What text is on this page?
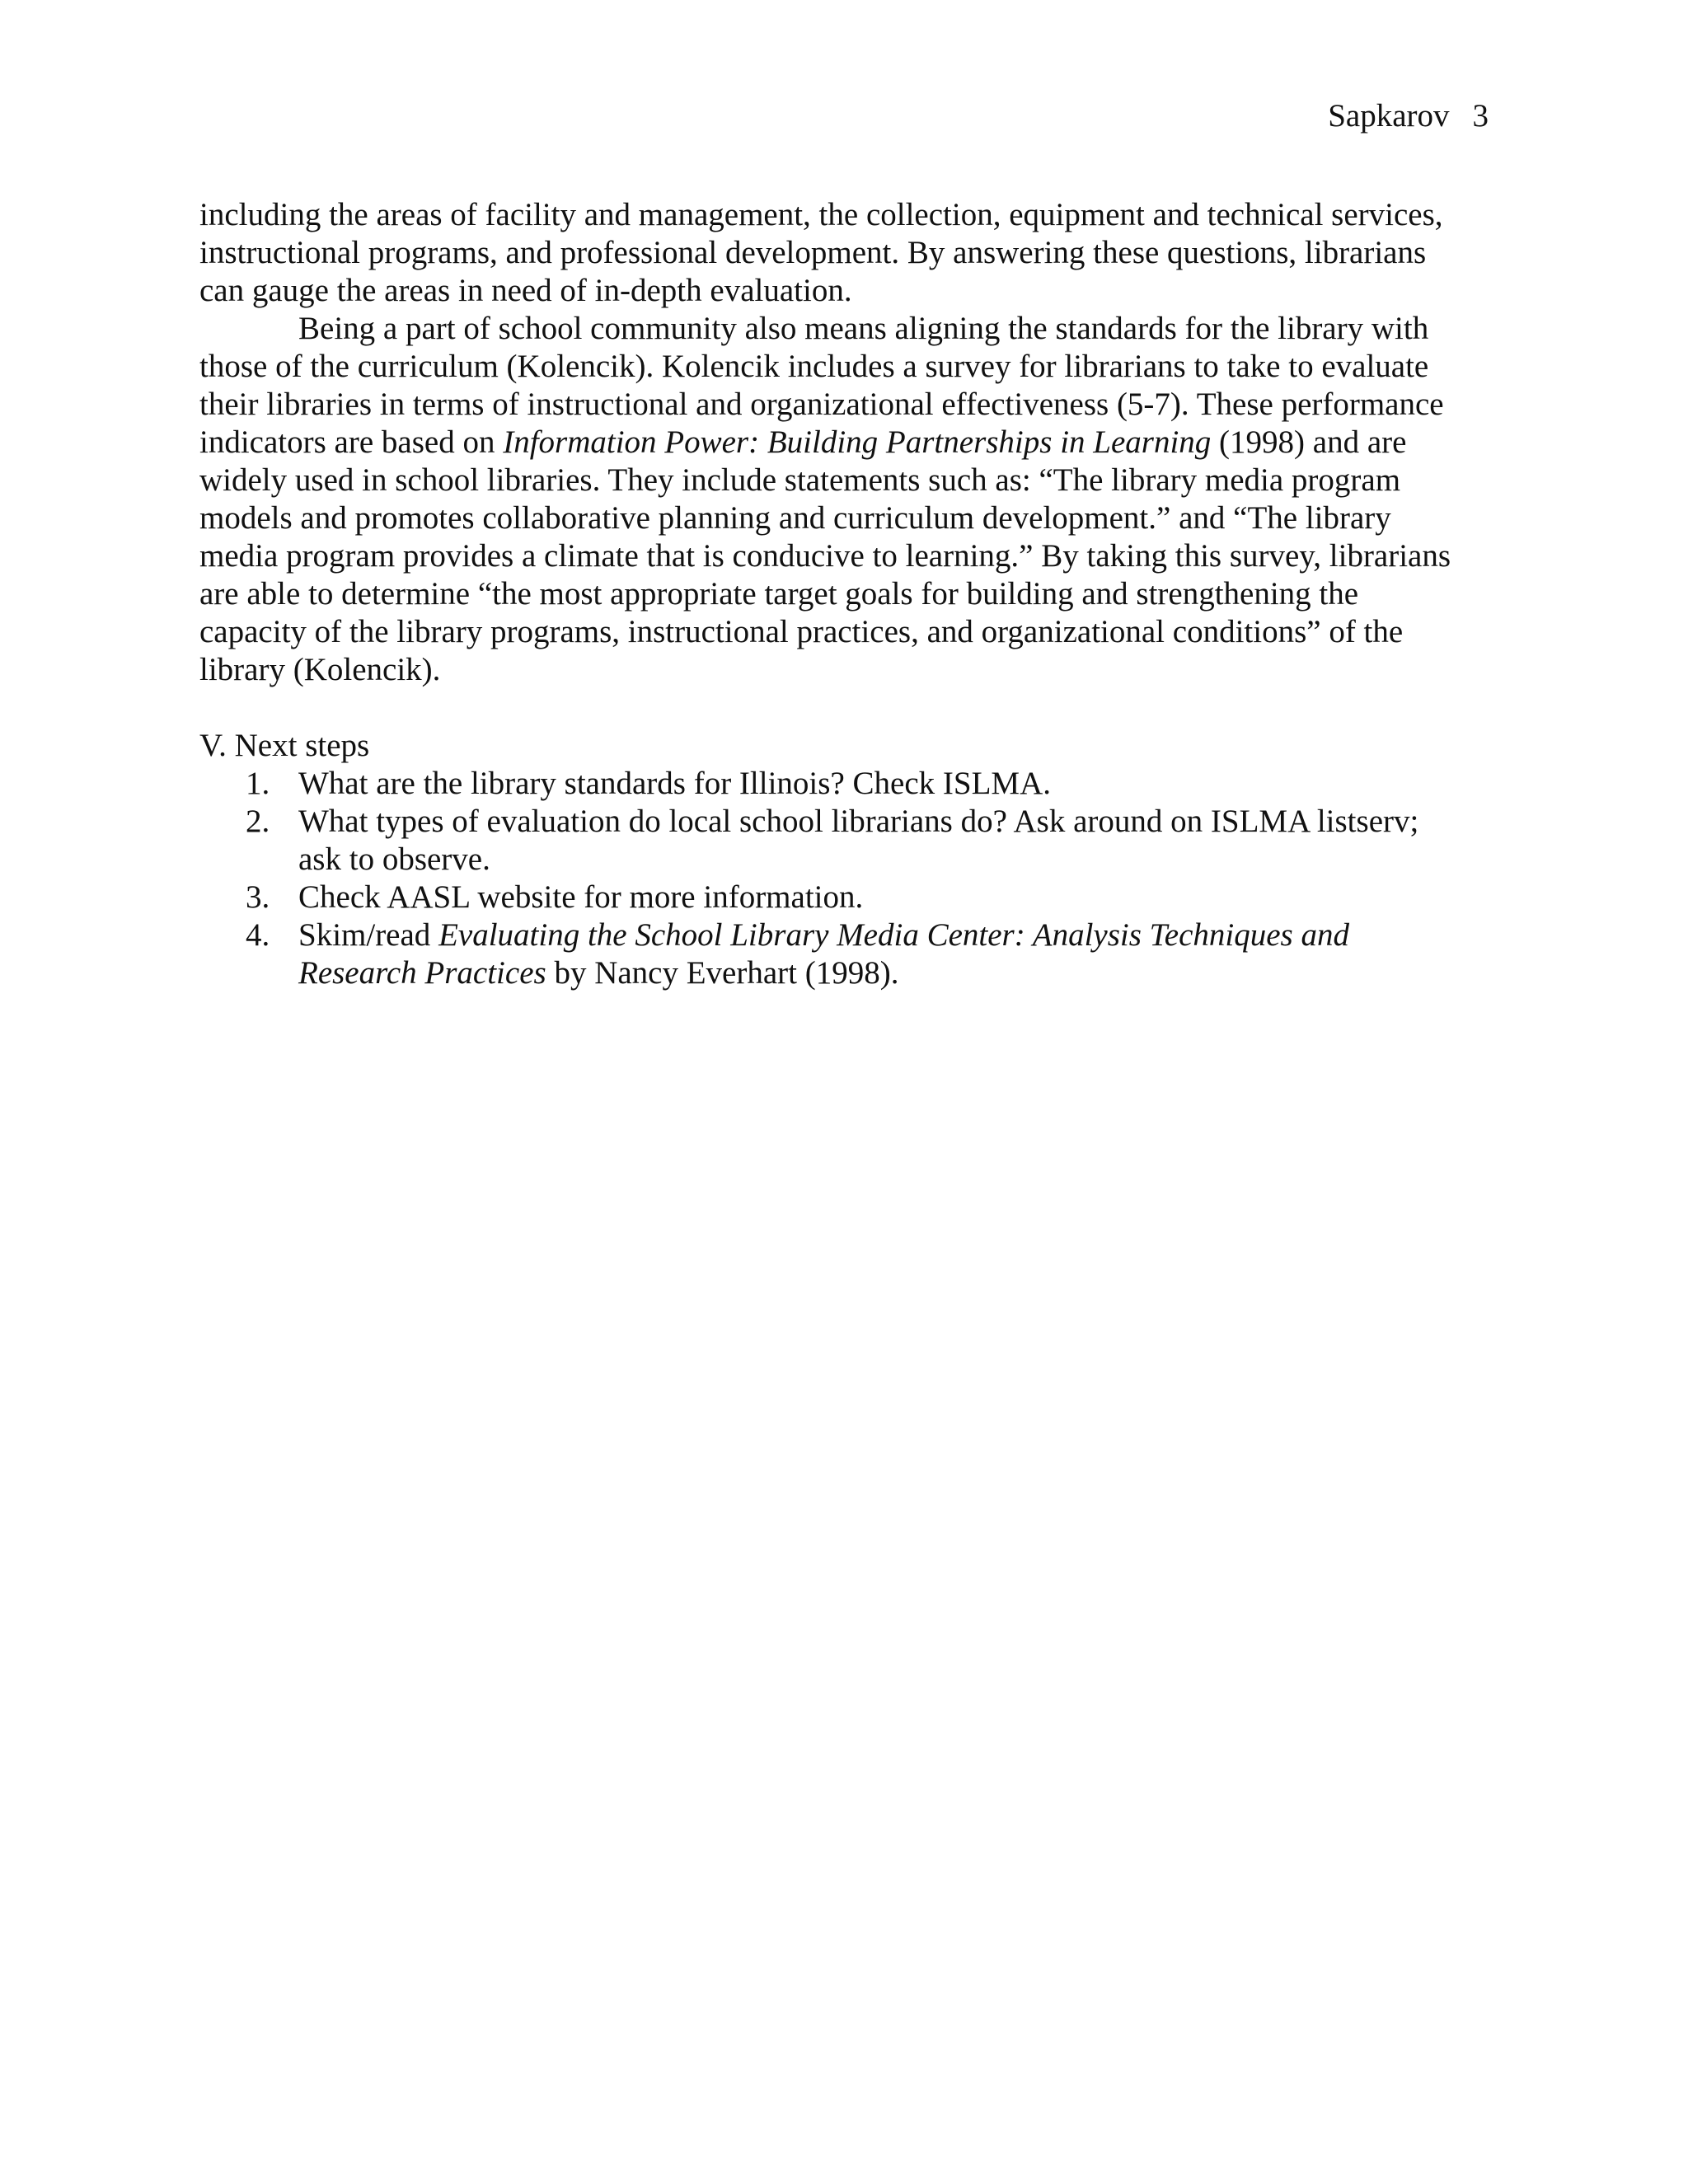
Sapkarov 3
including the areas of facility and management, the collection, equipment and technical services,
instructional programs, and professional development. By answering these questions, librarians
can gauge the areas in need of in-depth evaluation.
Being a part of school community also means aligning the standards for the library with
those of the curriculum (Kolencik). Kolencik includes a survey for librarians to take to evaluate
their libraries in terms of instructional and organizational effectiveness (5-7). These performance
indicators are based on Information Power: Building Partnerships in Learning (1998) and are
widely used in school libraries. They include statements such as: “The library media program
models and promotes collaborative planning and curriculum development.” and “The library
media program provides a climate that is conducive to learning.” By taking this survey, librarians
are able to determine “the most appropriate target goals for building and strengthening the
capacity of the library programs, instructional practices, and organizational conditions” of the
library (Kolencik).
V. Next steps
1. What are the library standards for Illinois? Check ISLMA.
2. What types of evaluation do local school librarians do? Ask around on ISLMA listserv;
ask to observe.
3. Check AASL website for more information.
4. Skim/read Evaluating the School Library Media Center: Analysis Techniques and
Research Practices by Nancy Everhart (1998).
